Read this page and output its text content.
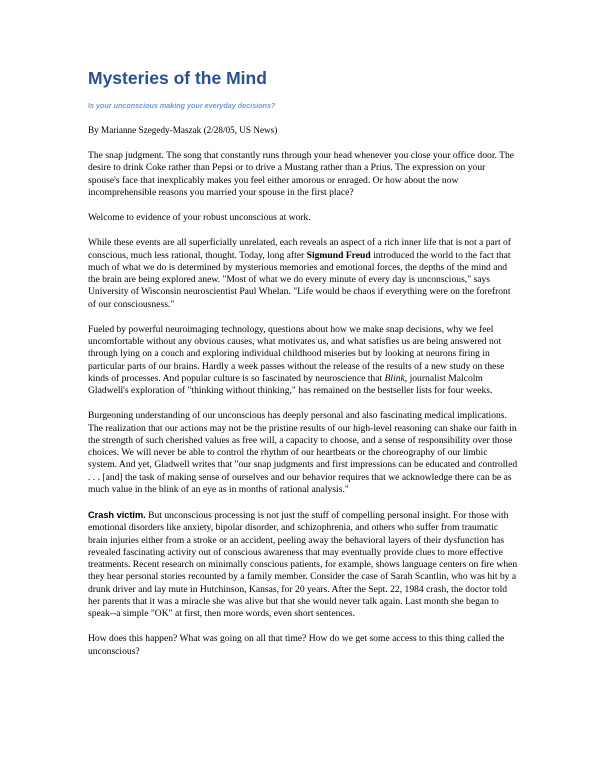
Mysteries of the Mind

Is your unconscious making your everyday decisions?

By Marianne Szegedy-Maszak (2/28/05, US News)

The snap judgment. The song that constantly runs through your head whenever you close your office door. The desire to drink Coke rather than Pepsi or to drive a Mustang rather than a Prius. The expression on your spouse's face that inexplicably makes you feel either amorous or enraged. Or how about the now incomprehensible reasons you married your spouse in the first place?

Welcome to evidence of your robust unconscious at work.

While these events are all superficially unrelated, each reveals an aspect of a rich inner life that is not a part of conscious, much less rational, thought. Today, long after Sigmund Freud introduced the world to the fact that much of what we do is determined by mysterious memories and emotional forces, the depths of the mind and the brain are being explored anew. "Most of what we do every minute of every day is unconscious," says University of Wisconsin neuroscientist Paul Whelan. "Life would be chaos if everything were on the forefront of our consciousness."

Fueled by powerful neuroimaging technology, questions about how we make snap decisions, why we feel uncomfortable without any obvious causes, what motivates us, and what satisfies us are being answered not through lying on a couch and exploring individual childhood miseries but by looking at neurons firing in particular parts of our brains. Hardly a week passes without the release of the results of a new study on these kinds of processes. And popular culture is so fascinated by neuroscience that Blink, journalist Malcolm Gladwell's exploration of "thinking without thinking," has remained on the bestseller lists for four weeks.

Burgeoning understanding of our unconscious has deeply personal and also fascinating medical implications. The realization that our actions may not be the pristine results of our high-level reasoning can shake our faith in the strength of such cherished values as free will, a capacity to choose, and a sense of responsibility over those choices. We will never be able to control the rhythm of our heartbeats or the choreography of our limbic system. And yet, Gladwell writes that "our snap judgments and first impressions can be educated and controlled . . . [and] the task of making sense of ourselves and our behavior requires that we acknowledge there can be as much value in the blink of an eye as in months of rational analysis."

Crash victim. But unconscious processing is not just the stuff of compelling personal insight. For those with emotional disorders like anxiety, bipolar disorder, and schizophrenia, and others who suffer from traumatic brain injuries either from a stroke or an accident, peeling away the behavioral layers of their dysfunction has revealed fascinating activity out of conscious awareness that may eventually provide clues to more effective treatments. Recent research on minimally conscious patients, for example, shows language centers on fire when they hear personal stories recounted by a family member. Consider the case of Sarah Scantlin, who was hit by a drunk driver and lay mute in Hutchinson, Kansas, for 20 years. After the Sept. 22, 1984 crash, the doctor told her parents that it was a miracle she was alive but that she would never talk again. Last month she began to speak--a simple "OK" at first, then more words, even short sentences.

How does this happen? What was going on all that time? How do we get some access to this thing called the unconscious?
